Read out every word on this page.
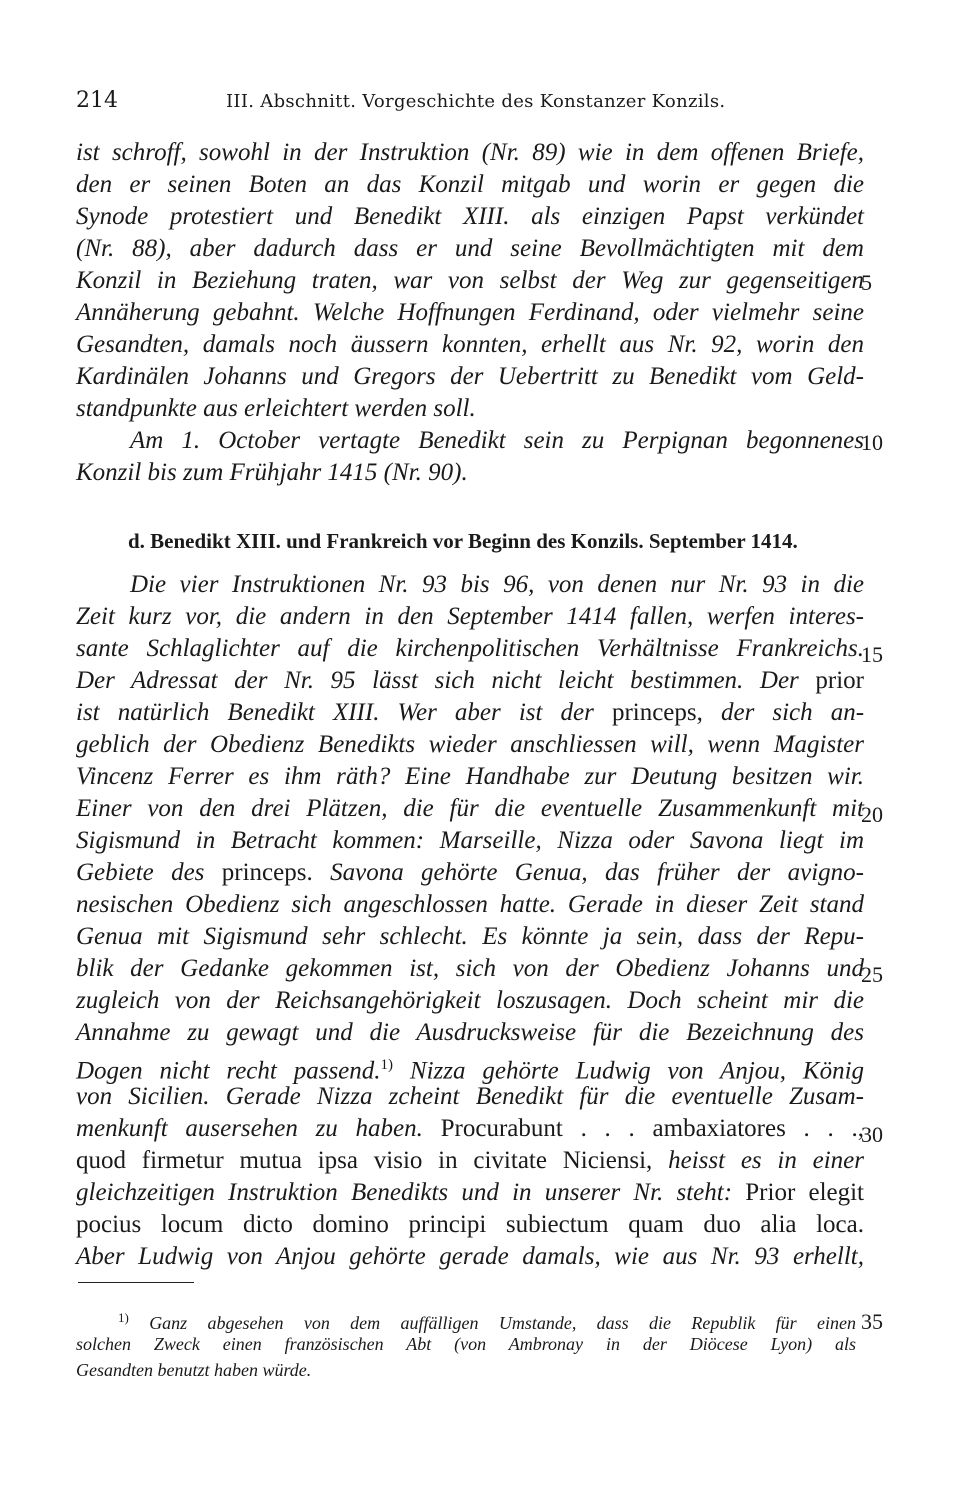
214	III. Abschnitt. Vorgeschichte des Konstanzer Konzils.
ist schroff, sowohl in der Instruktion (Nr. 89) wie in dem offenen Briefe,
den er seinen Boten an das Konzil mitgab und worin er gegen die
Synode protestiert und Benedikt XIII. als einzigen Papst verkündet
(Nr. 88), aber dadurch dass er und seine Bevollmächtigten mit dem
Konzil in Beziehung traten, war von selbst der Weg zur gegenseitigen
5
Annäherung gebahnt. Welche Hoffnungen Ferdinand, oder vielmehr seine
Gesandten, damals noch äussern konnten, erhellt aus Nr. 92, worin den
Kardinälen Johanns und Gregors der Uebertritt zu Benedikt vom Geld-
standpunkte aus erleichtert werden soll.
Am 1. October vertagte Benedikt sein zu Perpignan begonnenes
10
Konzil bis zum Frühjahr 1415 (Nr. 90).
d. Benedikt XIII. und Frankreich vor Beginn des Konzils. September 1414.
Die vier Instruktionen Nr. 93 bis 96, von denen nur Nr. 93 in die
Zeit kurz vor, die andern in den September 1414 fallen, werfen interes-
sante Schlaglichter auf die kirchenpolitischen Verhältnisse Frankreichs.
15
Der Adressat der Nr. 95 lässt sich nicht leicht bestimmen. Der prior
ist natürlich Benedikt XIII. Wer aber ist der princeps, der sich an-
geblich der Obedienz Benedikts wieder anschliessen will, wenn Magister
Vincenz Ferrer es ihm räth? Eine Handhabe zur Deutung besitzen wir.
Einer von den drei Plätzen, die für die eventuelle Zusammenkunft mit
20
Sigismund in Betracht kommen: Marseille, Nizza oder Savona liegt im
Gebiete des princeps. Savona gehörte Genua, das früher der avigno-
nesischen Obedienz sich angeschlossen hatte. Gerade in dieser Zeit stand
Genua mit Sigismund sehr schlecht. Es könnte ja sein, dass der Repu-
blik der Gedanke gekommen ist, sich von der Obedienz Johanns und
25
zugleich von der Reichsangehörigkeit loszusagen. Doch scheint mir die
Annahme zu gewagt und die Ausdrucksweise für die Bezeichnung des
Dogen nicht recht passend.$^{1)}$ Nizza gehörte Ludwig von Anjou, König
von Sicilien. Gerade Nizza zcheint Benedikt für die eventuelle Zusam-
menkunft ausersehen zu haben. Procurabunt . . . ambaxiatores . . .,
30
quod firmetur mutua ipsa visio in civitate Niciensi, heisst es in einer
gleichzeitigen Instruktion Benedikts und in unserer Nr. steht: Prior elegit
pocius locum dicto domino principi subiectum quam duo alia loca.
Aber Ludwig von Anjou gehörte gerade damals, wie aus Nr. 93 erhellt,
$^{1)}$ Ganz abgesehen von dem auffälligen Umstande, dass die Republik für einen 35
solchen Zweck einen französischen Abt (von Ambronay in der Diöcese Lyon) als
Gesandten benutzt haben würde.
